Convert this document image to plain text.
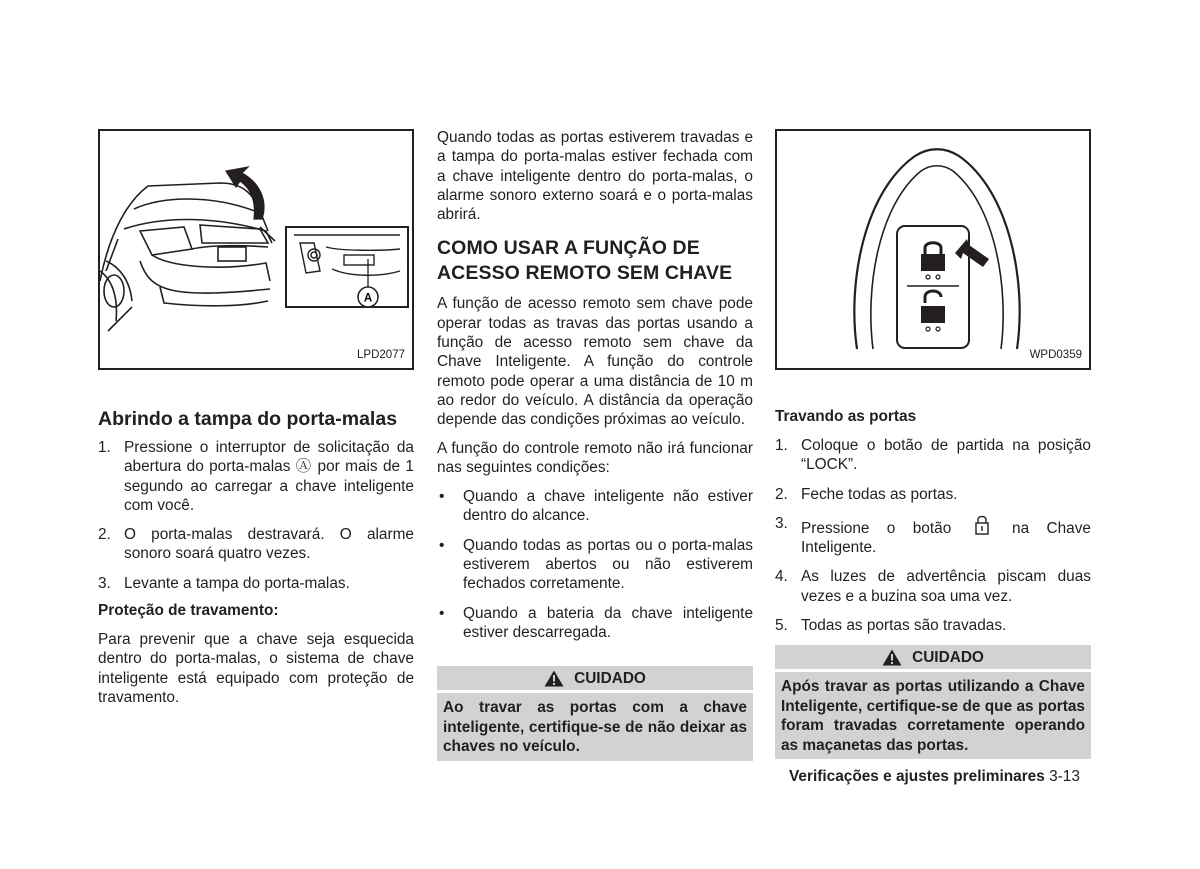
A
LPD2077
Abrindo a tampa do porta-malas
1. Pressione o interruptor de solicitação da abertura do porta-malas Ⓐ por mais de 1 segundo ao carregar a chave inteligente com você.
2. O porta-malas destravará. O alarme sonoro soará quatro vezes.
3. Levante a tampa do porta-malas.
Proteção de travamento:

Para prevenir que a chave seja esquecida dentro do porta-malas, o sistema de chave inteligente está equipado com proteção de travamento.

Quando todas as portas estiverem travadas e a tampa do porta-malas estiver fechada com a chave inteligente dentro do porta-malas, o alarme sonoro externo soará e o porta-malas abrirá.

COMO USAR A FUNÇÃO DE
ACESSO REMOTO SEM CHAVE

A função de acesso remoto sem chave pode operar todas as travas das portas usando a função de acesso remoto sem chave da Chave Inteligente. A função do controle remoto pode operar a uma distância de 10 m ao redor do veículo. A distância da operação depende das condições próximas ao veículo.

A função do controle remoto não irá funcionar nas seguintes condições:

• Quando a chave inteligente não estiver dentro do alcance.
• Quando todas as portas ou o porta-malas estiverem abertos ou não estiverem fechados corretamente.
• Quando a bateria da chave inteligente estiver descarregada.
CUIDADO
Ao travar as portas com a chave inteligente, certifique-se de não deixar as chaves no veículo.
WPD0359
Travando as portas
1. Coloque o botão de partida na posição “LOCK”.
2. Feche todas as portas.
3. Pressione o botão	na Chave Inteligente.
4. As luzes de advertência piscam duas vezes e a buzina soa uma vez.
5. Todas as portas são travadas.
CUIDADO
Após travar as portas utilizando a Chave Inteligente, certifique-se de que as portas foram travadas corretamente operando as maçanetas das portas.
Verificações e ajustes preliminares 3-13
